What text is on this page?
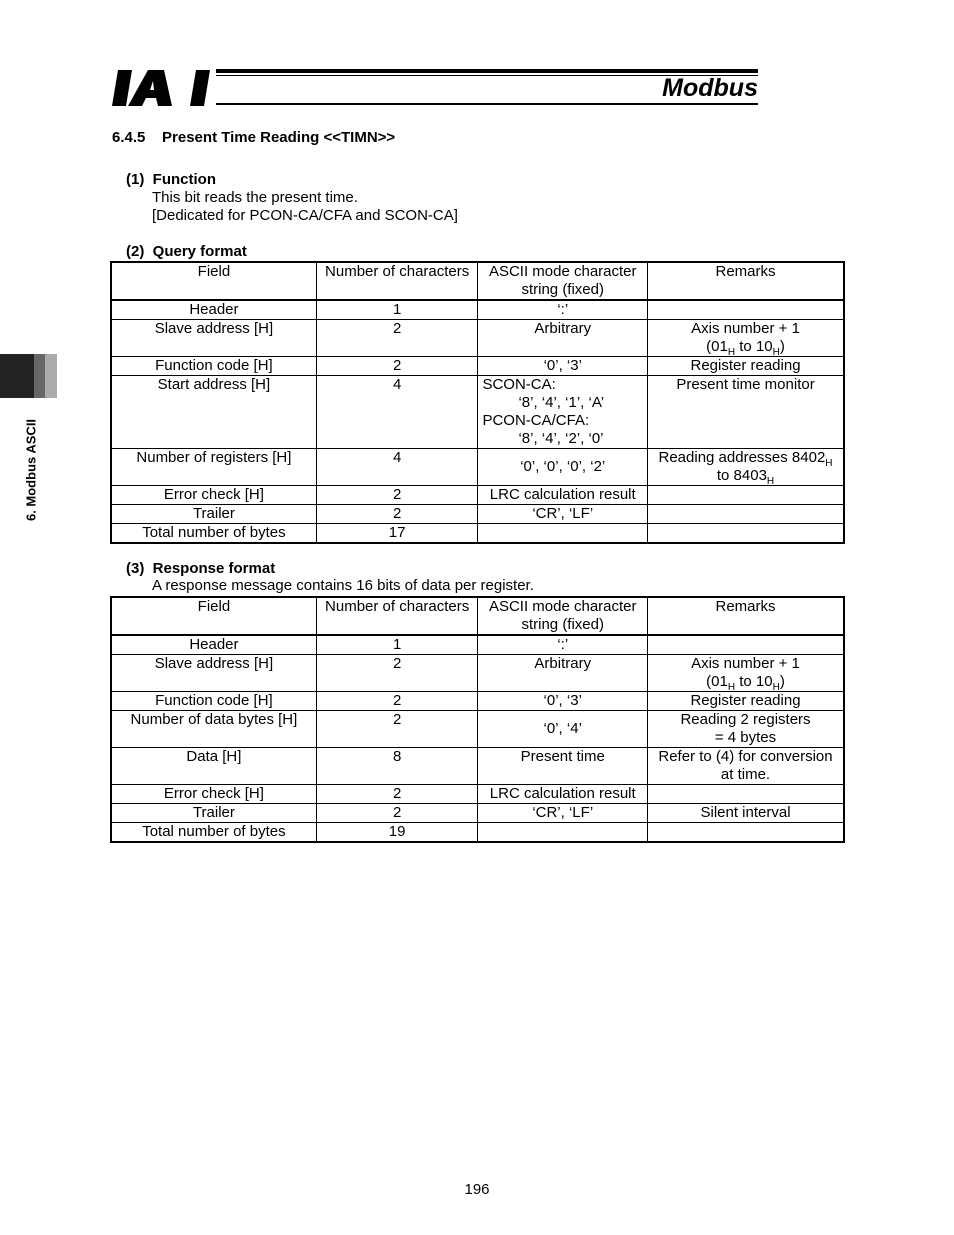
Modbus
6. Modbus ASCII
6.4.5    Present Time Reading <<TIMN>>
(1)  Function
This bit reads the present time.
[Dedicated for PCON-CA/CFA and SCON-CA]
(2)  Query format
Field	Number of characters	ASCII mode character
string (fixed)	Remarks
Header	1	‘:’	
Slave address [H]	2	Arbitrary	Axis number + 1
($01_H$ to $10_H$)
Function code [H]	2	‘0’, ‘3’	Register reading
Start address [H]	4	SCON-CA:
‘8’, ‘4’, ‘1’, ‘A’
PCON-CA/CFA:
‘8’, ‘4’, ‘2’, ‘0’	Present time monitor
Number of registers [H]	4	‘0’, ‘0’, ‘0’, ‘2’	Reading addresses $8402_H$
to $8403_H$
Error check [H]	2	LRC calculation result	
Trailer	2	‘CR’, ‘LF’	
Total number of bytes	17		
(3)  Response format
A response message contains 16 bits of data per register.
Field	Number of characters	ASCII mode character
string (fixed)	Remarks
Header	1	‘:’	
Slave address [H]	2	Arbitrary	Axis number + 1
($01_H$ to $10_H$)
Function code [H]	2	‘0’, ‘3’	Register reading
Number of data bytes [H]	2	‘0’, ‘4’	Reading 2 registers
= 4 bytes
Data [H]	8	Present time	Refer to (4) for conversion
at time.
Error check [H]	2	LRC calculation result	
Trailer	2	‘CR’, ‘LF’	Silent interval
Total number of bytes	19		
196
